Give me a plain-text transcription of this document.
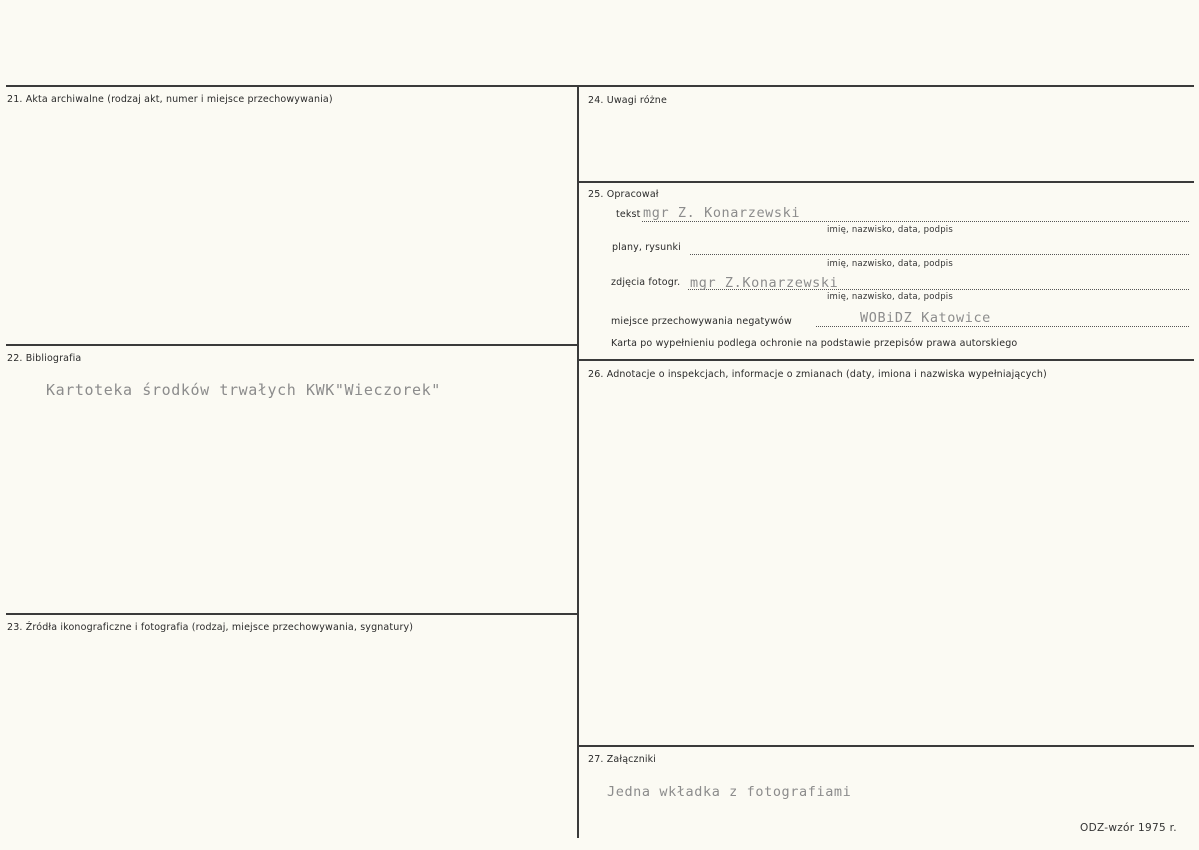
21. Akta archiwalne (rodzaj akt, numer i miejsce przechowywania)
22. Bibliografia
Kartoteka środków trwałych KWK"Wieczorek"
23. Źródła ikonograficzne i fotografia (rodzaj, miejsce przechowywania, sygnatury)
24. Uwagi różne
25. Opracował
tekst mgr Z. Konarzewski
imię, nazwisko, data, podpis
plany, rysunki
imię, nazwisko, data, podpis
zdjęcia fotogr. mgr Z.Konarzewski
imię, nazwisko, data, podpis
miejsce przechowywania negatywów	WOBiDZ Katowice
Karta po wypełnieniu podlega ochronie na podstawie przepisów prawa autorskiego
26. Adnotacje o inspekcjach, informacje o zmianach (daty, imiona i nazwiska wypełniających)
27. Załączniki
Jedna wkładka z fotografiami
ODZ-wzór 1975 r.
